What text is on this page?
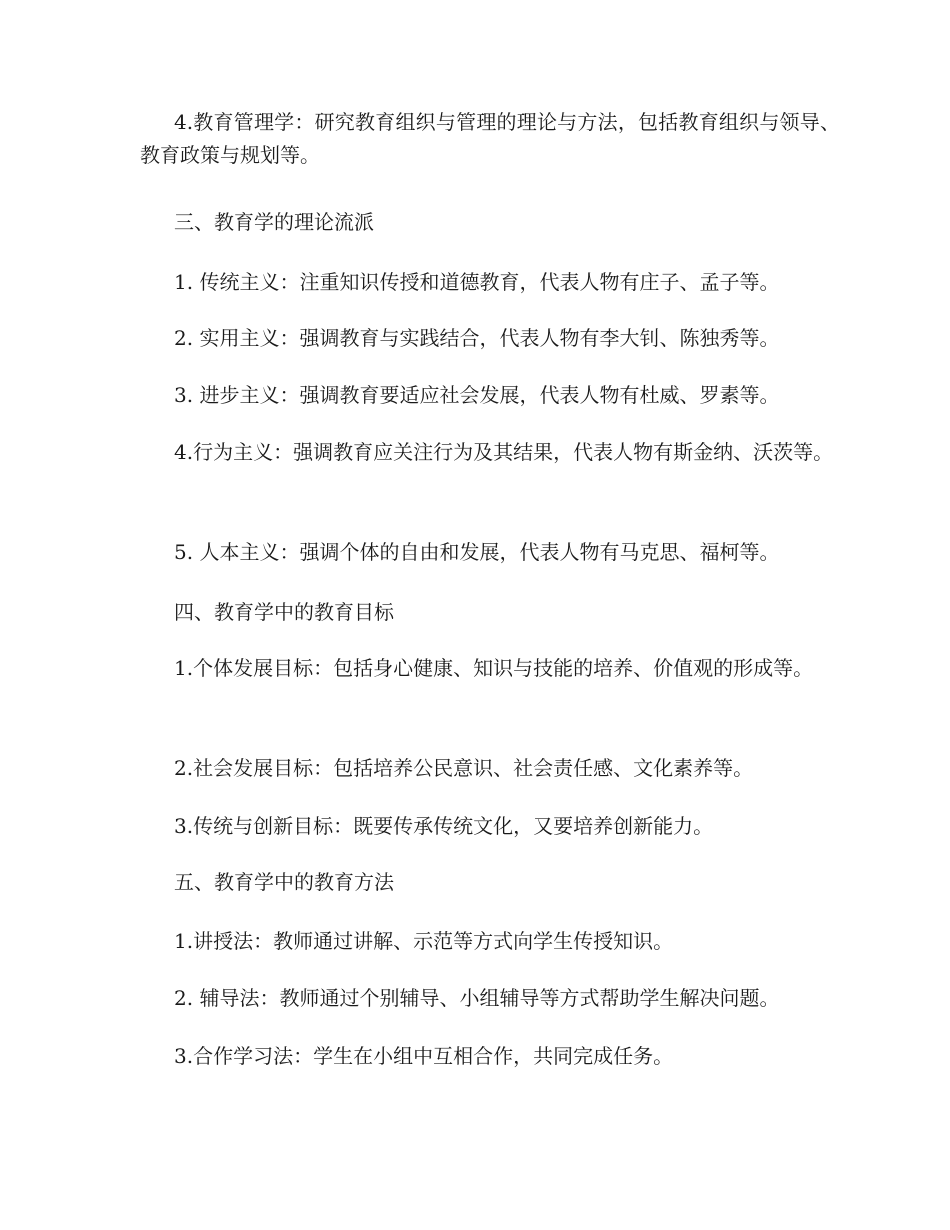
4.教育管理学：研究教育组织与管理的理论与方法，包括教育组织与领导、教育政策与规划等。

三、教育学的理论流派

1. 传统主义：注重知识传授和道德教育，代表人物有庄子、孟子等。

2. 实用主义：强调教育与实践结合，代表人物有李大钊、陈独秀等。

3. 进步主义：强调教育要适应社会发展，代表人物有杜威、罗素等。

4.行为主义：强调教育应关注行为及其结果，代表人物有斯金纳、沃茨等。

5. 人本主义：强调个体的自由和发展，代表人物有马克思、福柯等。

四、教育学中的教育目标

1.个体发展目标：包括身心健康、知识与技能的培养、价值观的形成等。

2.社会发展目标：包括培养公民意识、社会责任感、文化素养等。

3.传统与创新目标：既要传承传统文化，又要培养创新能力。

五、教育学中的教育方法

1.讲授法：教师通过讲解、示范等方式向学生传授知识。

2. 辅导法：教师通过个别辅导、小组辅导等方式帮助学生解决问题。

3.合作学习法：学生在小组中互相合作，共同完成任务。
